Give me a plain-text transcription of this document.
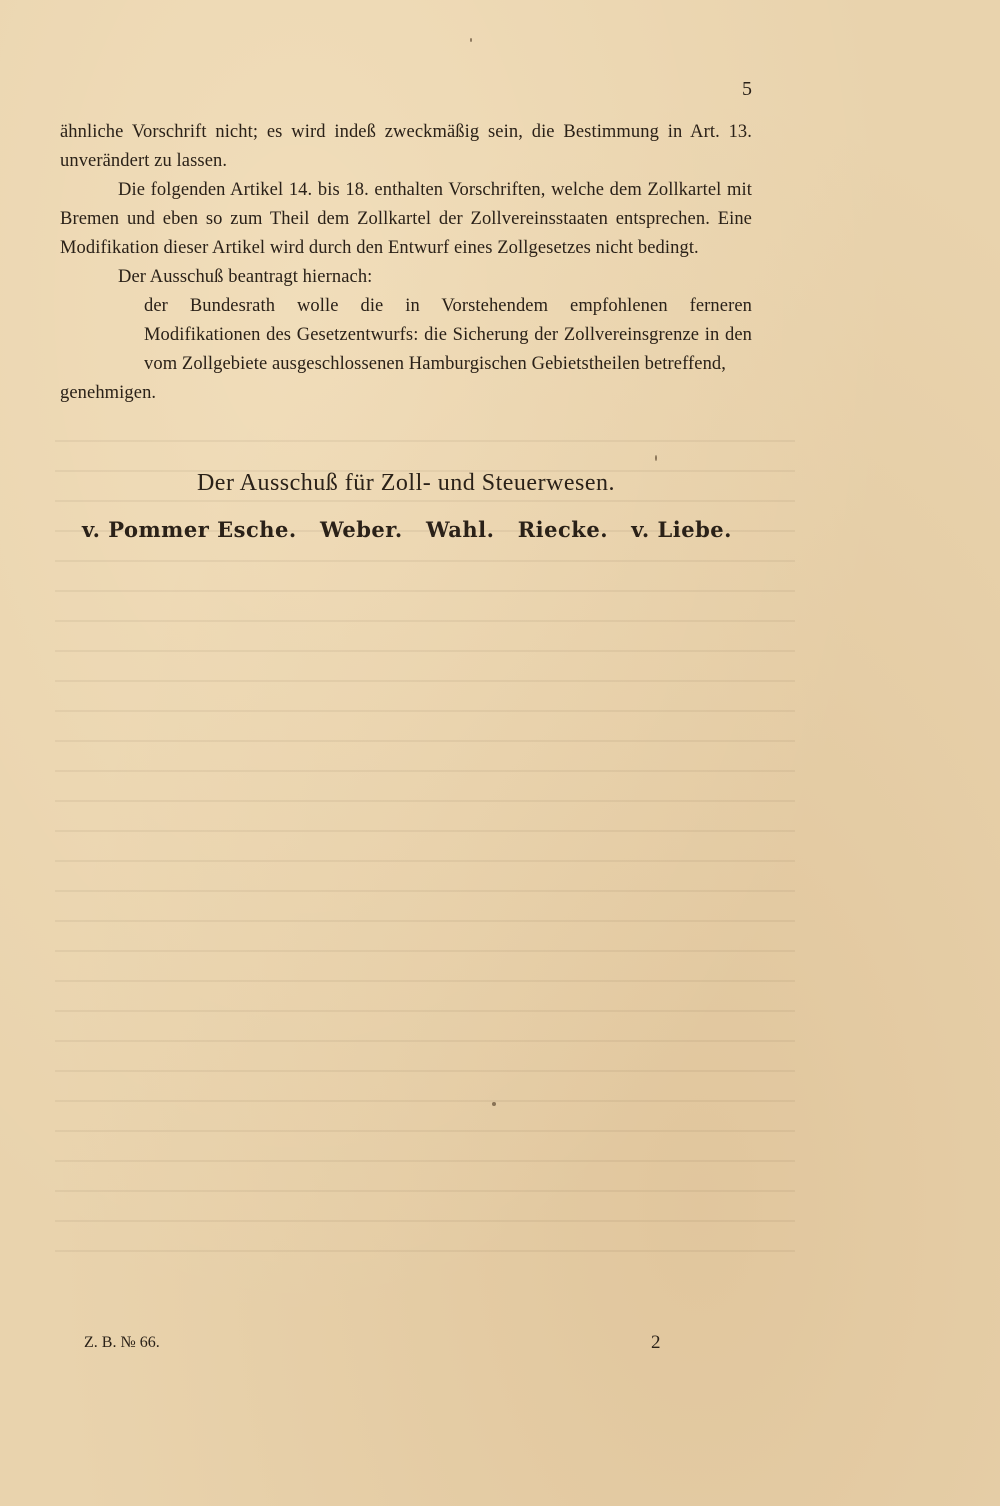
5

ähnliche Vorschrift nicht; es wird indeß zweckmäßig sein, die Bestimmung in Art. 13. unverändert zu lassen.

Die folgenden Artikel 14. bis 18. enthalten Vorschriften, welche dem Zollkartel mit Bremen und eben so zum Theil dem Zollkartel der Zollvereinsstaaten entsprechen. Eine Modifikation dieser Artikel wird durch den Entwurf eines Zollgesetzes nicht bedingt.

Der Ausschuß beantragt hiernach:

der Bundesrath wolle die in Vorstehendem empfohlenen ferneren Modifikationen des Gesetzentwurfs: die Sicherung der Zollvereinsgrenze in den vom Zollgebiete ausgeschlossenen Hamburgischen Gebietstheilen betreffend,

genehmigen.

Der Ausschuß für Zoll- und Steuerwesen.
v. Pommer Esche. Weber. Wahl. Riecke. v. Liebe.
Z. B. № 66.	2
